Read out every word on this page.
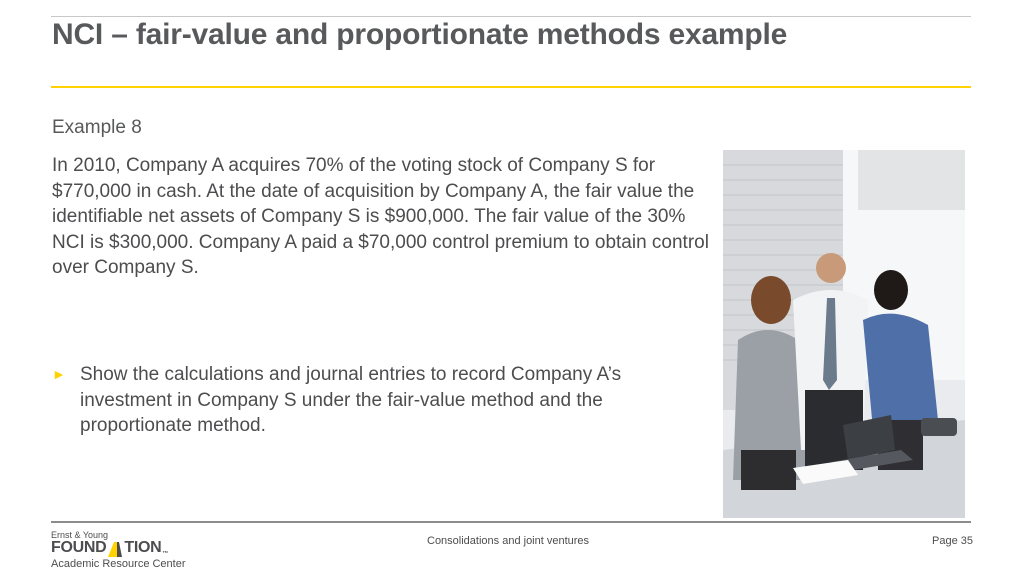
NCI – fair-value and proportionate methods example
Example 8
In 2010, Company A acquires 70% of the voting stock of Company S for $770,000 in cash. At the date of acquisition by Company A, the fair value the identifiable net assets of Company S is $900,000. The fair value of the 30% NCI is $300,000. Company A paid a $70,000 control premium to obtain control over Company S.
► Show the calculations and journal entries to record Company A’s investment in Company S under the fair-value method and the proportionate method.
Ernst & Young
FOUND TION ™
Academic Resource Center
Consolidations and joint ventures	Page 35
